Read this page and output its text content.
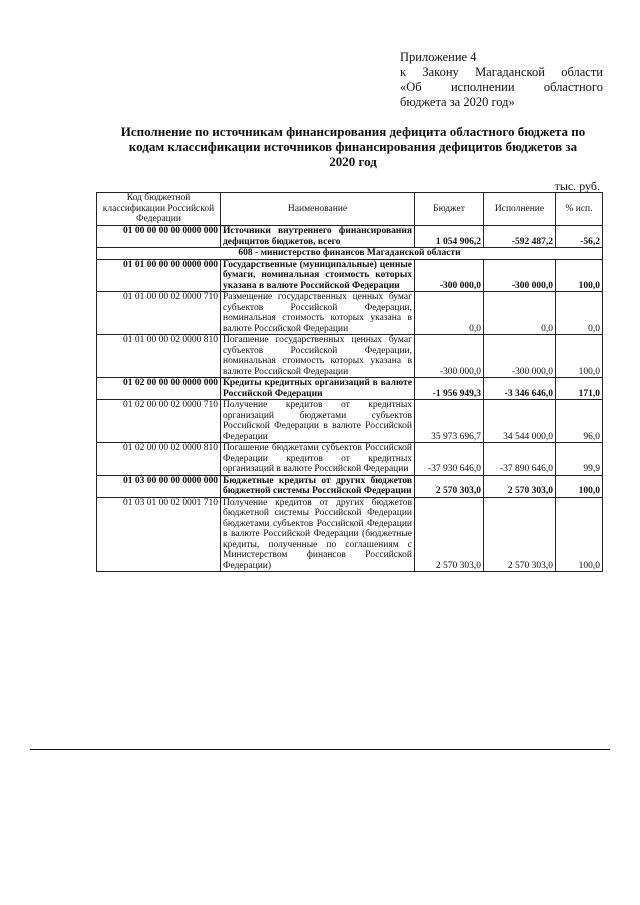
Приложение 4
к Закону Магаданской области
«Об исполнении областного
бюджета за 2020 год»
Исполнение по источникам финансирования дефицита областного бюджета по кодам классификации источников финансирования дефицитов бюджетов за 2020 год
тыс. руб.
Код бюджетной классификации Российской Федерации	Наименование	Бюджет	Исполнение	% исп.
01 00 00 00 00 0000 000	Источники внутреннего финансирования дефицитов бюджетов, всего	1 054 906,2	-592 487,2	-56,2
608 - министерство финансов Магаданской области				
01 01 00 00 00 0000 000	Государственные (муниципальные) ценные бумаги, номинальная стоимость которых указана в валюте Российской Федерации	-300 000,0	-300 000,0	100,0
01 01 00 00 02 0000 710	Размещение государственных ценных бумаг субъектов Российской Федерации, номинальная стоимость которых указана в валюте Российской Федерации	0,0	0,0	0,0
01 01 00 00 02 0000 810	Погашение государственных ценных бумаг субъектов Российской Федерации, номинальная стоимость которых указана в валюте Российской Федерации	-300 000,0	-300 000,0	100,0
01 02 00 00 00 0000 000	Кредиты кредитных организаций в валюте Российской Федерации	-1 956 949,3	-3 346 646,0	171,0
01 02 00 00 02 0000 710	Получение кредитов от кредитных организаций бюджетами субъектов Российской Федерации в валюте Российской Федерации	35 973 696,7	34 544 000,0	96,0
01 02 00 00 02 0000 810	Погашение бюджетами субъектов Российской Федерации кредитов от кредитных организаций в валюте Российской Федерации	-37 930 646,0	-37 890 646,0	99,9
01 03 00 00 00 0000 000	Бюджетные кредиты от других бюджетов бюджетной системы Российской Федерации	2 570 303,0	2 570 303,0	100,0
01 03 01 00 02 0001 710	Получение кредитов от других бюджетов бюджетной системы Российской Федерации бюджетами субъектов Российской Федерации в валюте Российской Федерации (бюджетные кредиты, полученные по соглашениям с Министерством финансов Российской Федерации)	2 570 303,0	2 570 303,0	100,0
